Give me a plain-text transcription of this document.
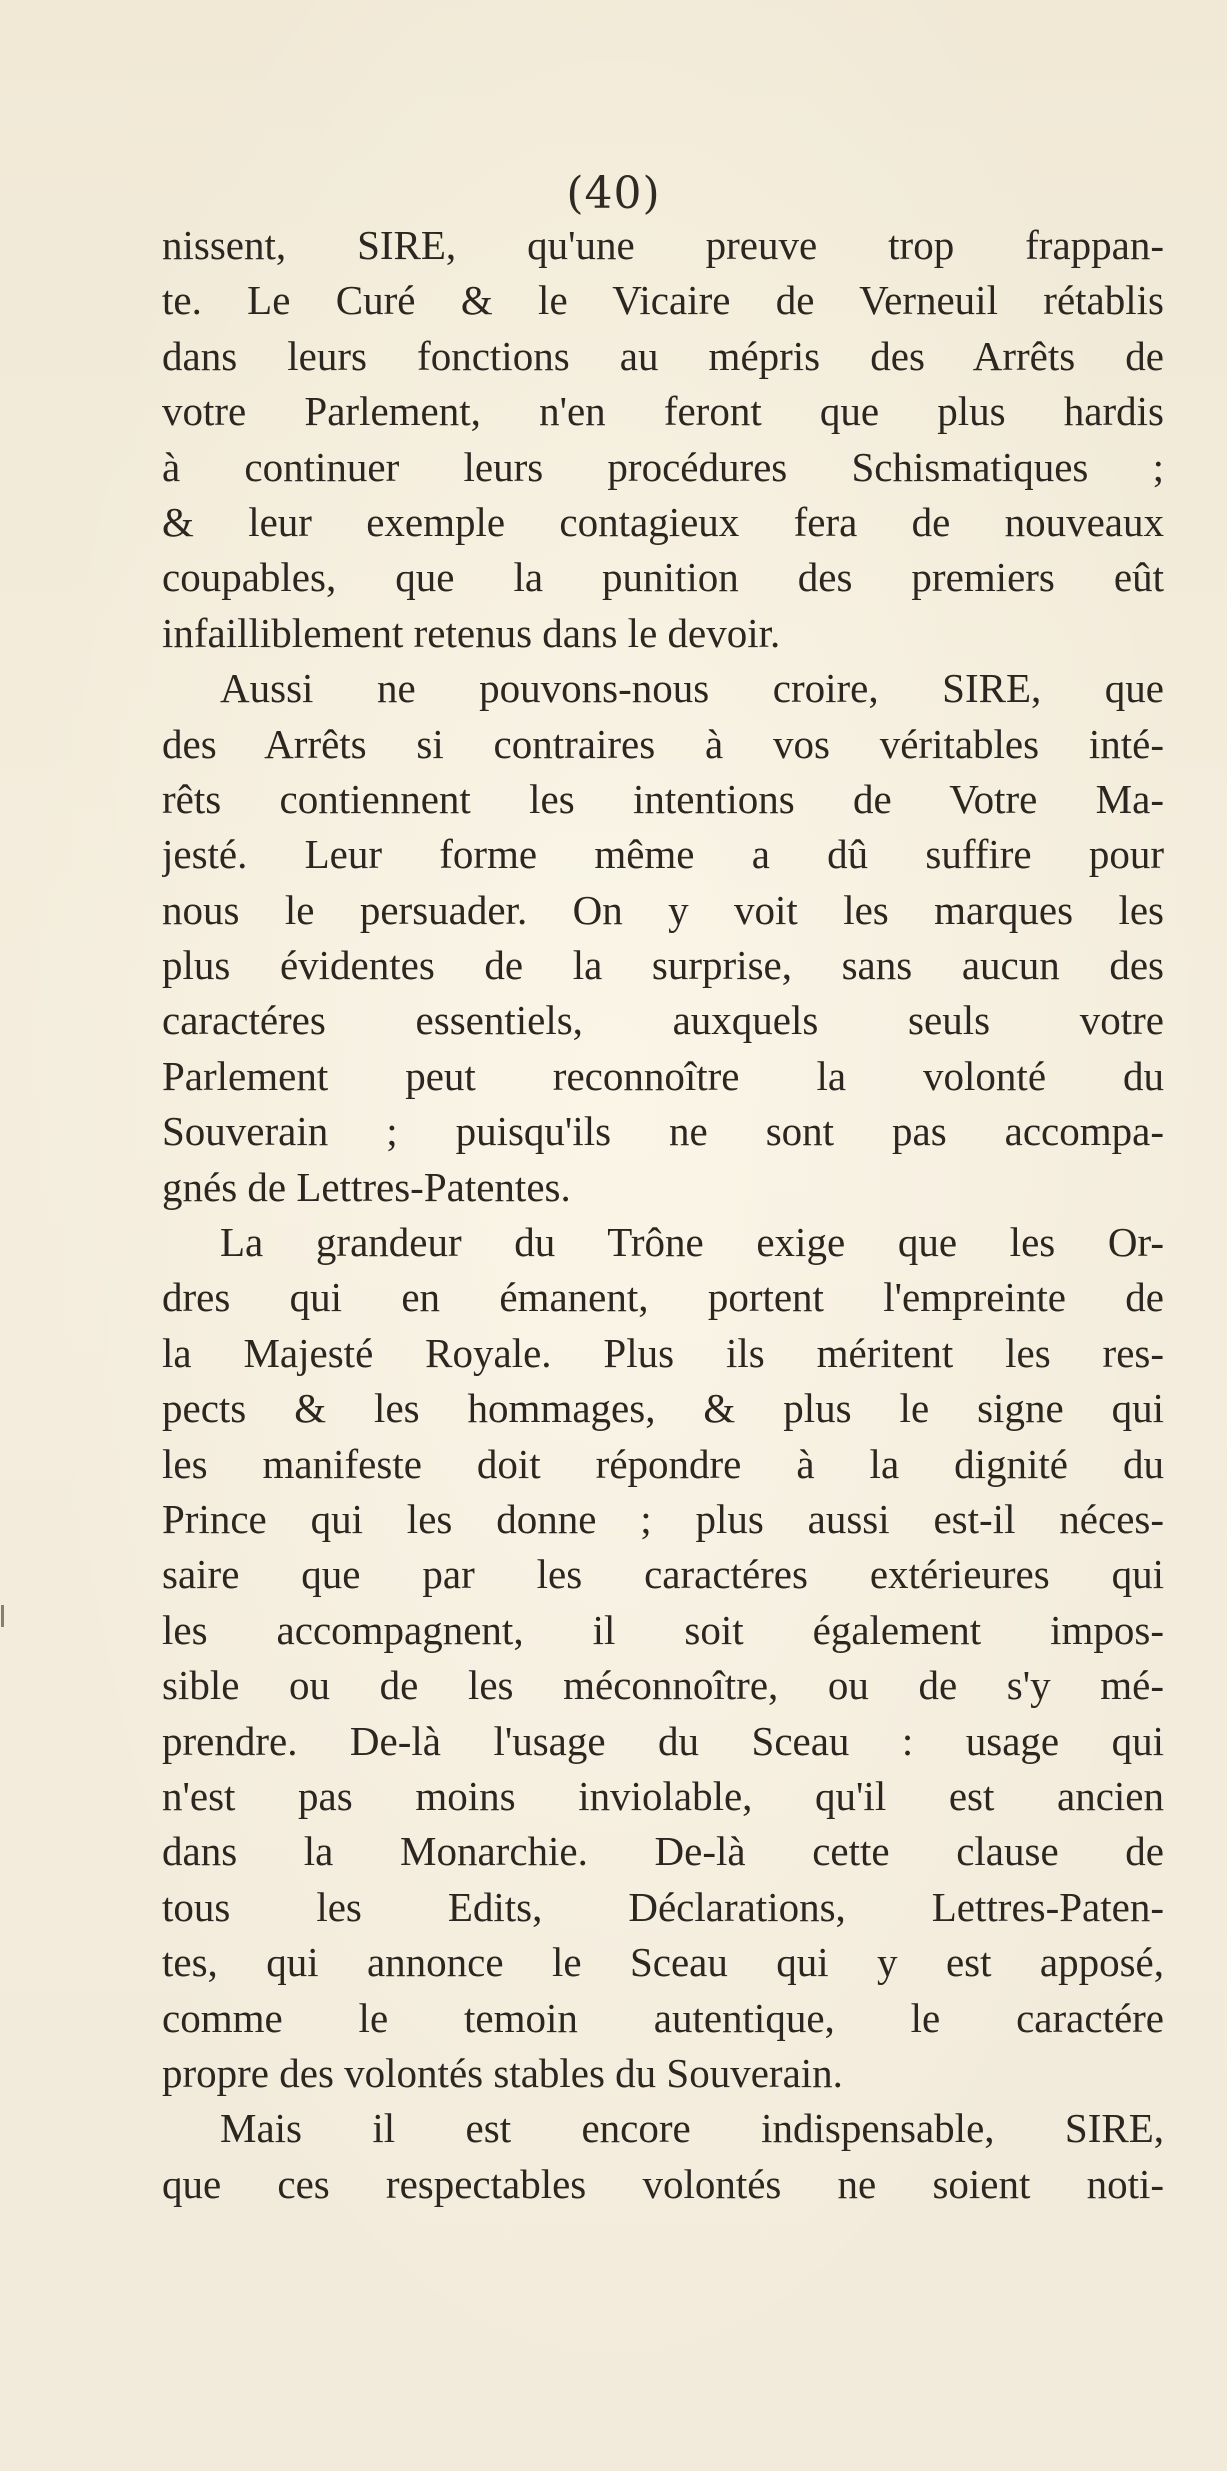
(40)
nissent, SIRE, qu'une preuve trop frappan-
te. Le Curé & le Vicaire de Verneuil rétablis
dans leurs fonctions au mépris des Arrêts de
votre Parlement, n'en feront que plus hardis
à continuer leurs procédures Schismatiques ;
& leur exemple contagieux fera de nouveaux
coupables, que la punition des premiers eût
infailliblement retenus dans le devoir.
Aussi ne pouvons-nous croire, SIRE, que
des Arrêts si contraires à vos véritables inté-
rêts contiennent les intentions de Votre Ma-
jesté. Leur forme même a dû suffire pour
nous le persuader. On y voit les marques les
plus évidentes de la surprise, sans aucun des
caractéres essentiels, auxquels seuls votre
Parlement peut reconnoître la volonté du
Souverain ; puisqu'ils ne sont pas accompa-
gnés de Lettres-Patentes.
La grandeur du Trône exige que les Or-
dres qui en émanent, portent l'empreinte de
la Majesté Royale. Plus ils méritent les res-
pects & les hommages, & plus le signe qui
les manifeste doit répondre à la dignité du
Prince qui les donne ; plus aussi est-il néces-
saire que par les caractéres extérieures qui
les accompagnent, il soit également impos-
sible ou de les méconnoître, ou de s'y mé-
prendre. De-là l'usage du Sceau : usage qui
n'est pas moins inviolable, qu'il est ancien
dans la Monarchie. De-là cette clause de
tous les Edits, Déclarations, Lettres-Paten-
tes, qui annonce le Sceau qui y est apposé,
comme le temoin autentique, le caractére
propre des volontés stables du Souverain.
Mais il est encore indispensable, SIRE,
que ces respectables volontés ne soient noti-
